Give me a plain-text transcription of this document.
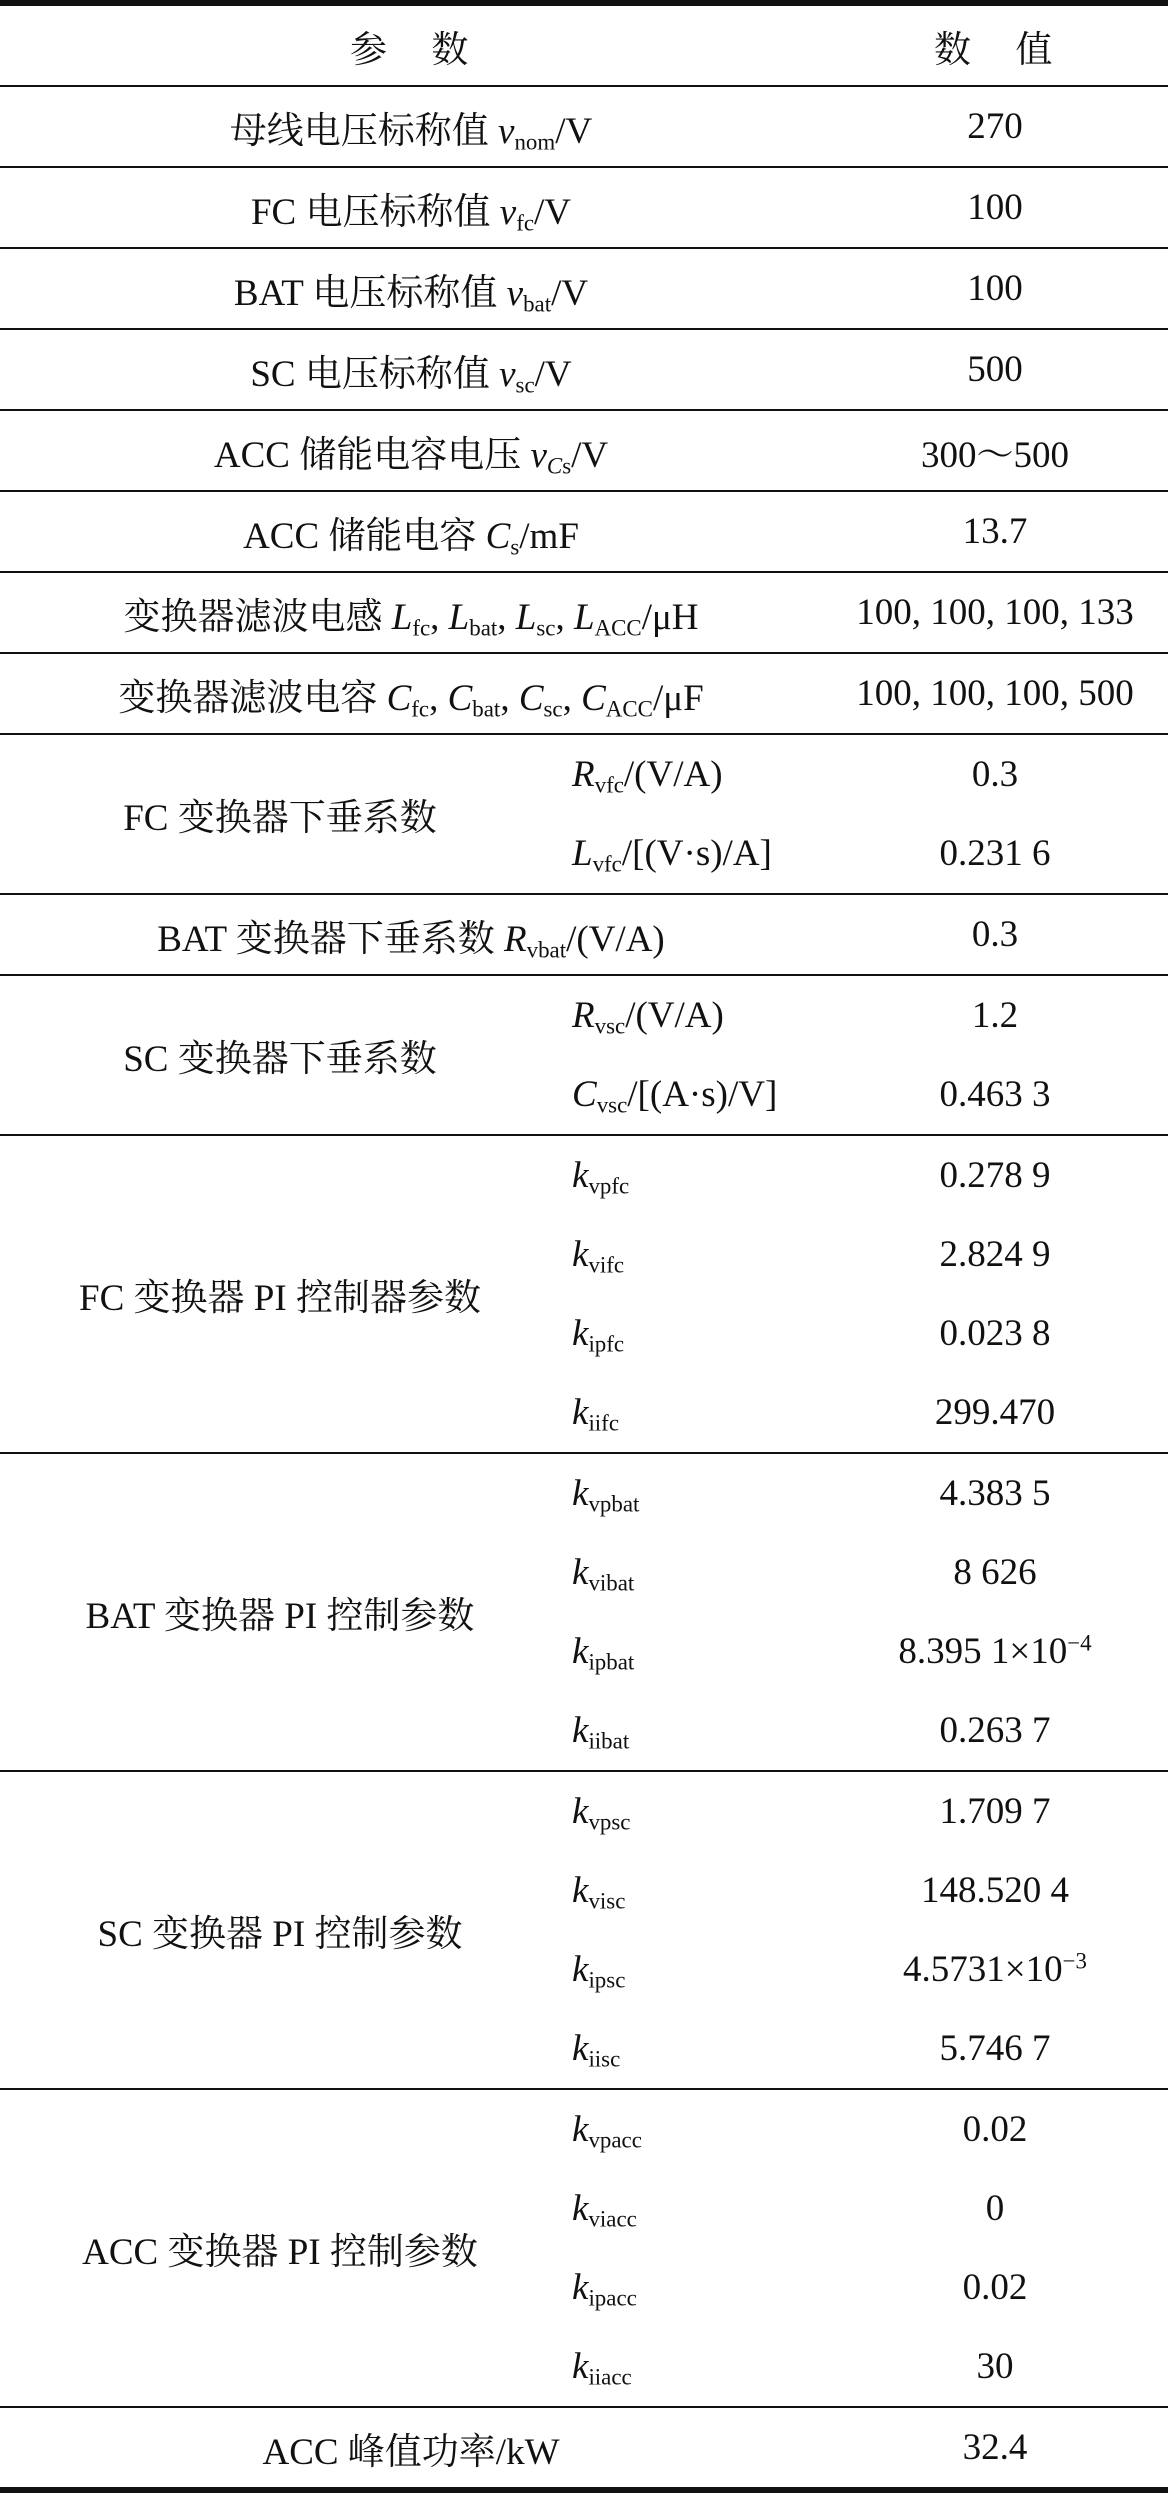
参　数		数　值
母线电压标称值 $v_{nom}/V$		270
FC 电压标称值 $v_{fc}/V$		100
BAT 电压标称值 $v_{bat}/V$		100
SC 电压标称值 $v_{sc}/V$		500
ACC 储能电容电压 $v_{Cs}/V$		300～500
ACC 储能电容 $C_s/mF$		13.7
变换器滤波电感 $L_{fc}$, $L_{bat}$, $L_{sc}$, $L_{ACC}/\mu H$		100, 100, 100, 133
变换器滤波电容 $C_{fc}$, $C_{bat}$, $C_{sc}$, $C_{ACC}/\mu F$		100, 100, 100, 500
FC 变换器下垂系数	$R_{vfc}/(V/A)$	0.3
	$L_{vfc}/[(V\cdot s)/A]$	0.231 6
BAT 变换器下垂系数 $R_{vbat}/(V/A)$		0.3
SC 变换器下垂系数	$R_{vsc}/(V/A)$	1.2
	$C_{vsc}/[(A\cdot s)/V]$	0.463 3
FC 变换器 PI 控制器参数	$k_{vpfc}$	0.278 9
	$k_{vifc}$	2.824 9
	$k_{ipfc}$	0.023 8
	$k_{iifc}$	299.470
BAT 变换器 PI 控制参数	$k_{vpbat}$	4.383 5
	$k_{vibat}$	8 626
	$k_{ipbat}$	8.395 $1\times 10^{-4}$
	$k_{iibat}$	0.263 7
SC 变换器 PI 控制参数	$k_{vpsc}$	1.709 7
	$k_{visc}$	148.520 4
	$k_{ipsc}$	$4.5731\times 10^{-3}$
	$k_{iisc}$	5.746 7
ACC 变换器 PI 控制参数	$k_{vpacc}$	0.02
	$k_{viacc}$	0
	$k_{ipacc}$	0.02
	$k_{iiacc}$	30
ACC 峰值功率/kW		32.4
